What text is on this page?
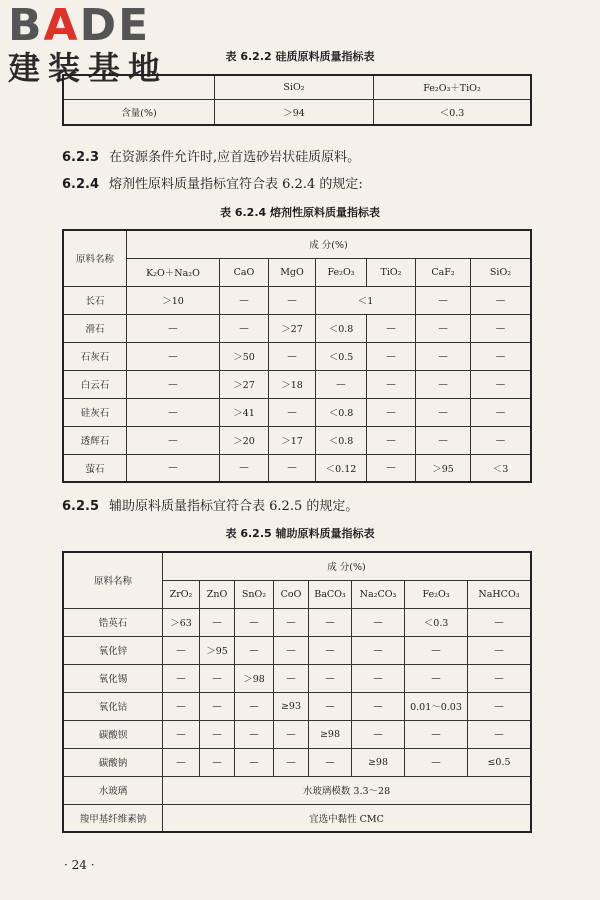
BADE
建装基地	表 6.2.2 硅质原料质量指标表
	SiO₂	Fe₂O₃＋TiO₂
含量(%)	＞94	＜0.3
6.2.3 在资源条件允许时,应首选砂岩状硅质原料。
6.2.4 熔剂性原料质量指标宜符合表 6.2.4 的规定:
表 6.2.4 熔剂性原料质量指标表
原料名称	成 分(%)						
	K₂O＋Na₂O	CaO	MgO	Fe₂O₃	TiO₂	CaF₂	SiO₂
长石	＞10	—	—	＜1		—	—
滑石	—	—	＞27	＜0.8	—	—	—
石灰石	—	＞50	—	＜0.5	—	—	—
白云石	—	＞27	＞18	—	—	—	—
硅灰石	—	＞41	—	＜0.8	—	—	—
透辉石	—	＞20	＞17	＜0.8	—	—	—
萤石	—	—	—	＜0.12	—	＞95	＜3
6.2.5 辅助原料质量指标宜符合表 6.2.5 的规定。
表 6.2.5 辅助原料质量指标表
原料名称	成 分(%)							
	ZrO₂	ZnO	SnO₂	CoO	BaCO₃	Na₂CO₃	Fe₂O₃	NaHCO₃
锆英石	＞63	—	—	—	—	—	＜0.3	—
氧化锌	—	＞95	—	—	—	—	—	—
氧化锡	—	—	＞98	—	—	—	—	—
氧化钴	—	—	—	≥93	—	—	0.01～0.03	—
碳酸钡	—	—	—	—	≥98	—	—	—
碳酸钠	—	—	—	—	—	≥98	—	≤0.5
水玻璃	水玻璃模数 3.3～28							
羧甲基纤维素钠	宜选中黏性 CMC							
· 24 ·
